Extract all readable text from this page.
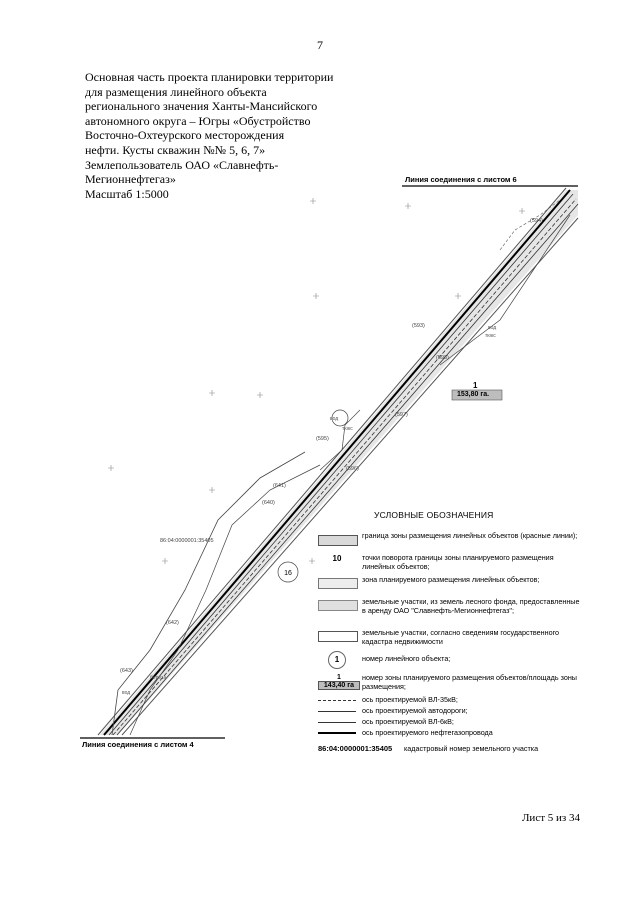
7
Основная часть проекта планировки территории
для размещения линейного объекта
регионального значения Ханты-Мансийского
автономного округа – Югры «Обустройство
Восточно-Охтеурского месторождения
нефти. Кусты скважин №№ 5, 6, 7»
Землепользователь ОАО «Славнефть-
Мегионнефтегаз»
Масштаб 1:5000
16
Линия соединения с листом 6
Линия соединения с листом 4
1
153,80 га.
86:04:0000001:35405
(593)
(594)
(595)
(596)
(597)
(598)
(640)
(641)
(642)
(643)
вод
тюкс
вод
тюкс
береза
вод
УСЛОВНЫЕ ОБОЗНАЧЕНИЯ
граница зоны размещения линейных объектов (красные линии);
10	точки поворота границы зоны планируемого размещения линейных объектов;
зона планируемого размещения линейных объектов;
земельные участки, из земель лесного фонда, предоставленные в аренду ОАО "Славнефть-Мегионнефтегаз";
земельные участки, согласно сведениям государственного кадастра недвижимости
1	номер линейного объекта;
1
143,40 га
номер зоны планируемого размещения объектов/площадь зоны размещения;
ось проектируемой ВЛ-35кВ;
ось проектируемой автодороги;
ось проектируемой ВЛ-6кВ;
ось проектируемого нефтегазопровода
86:04:0000001:35405 кадастровый номер земельного участка
Лист 5 из 34
